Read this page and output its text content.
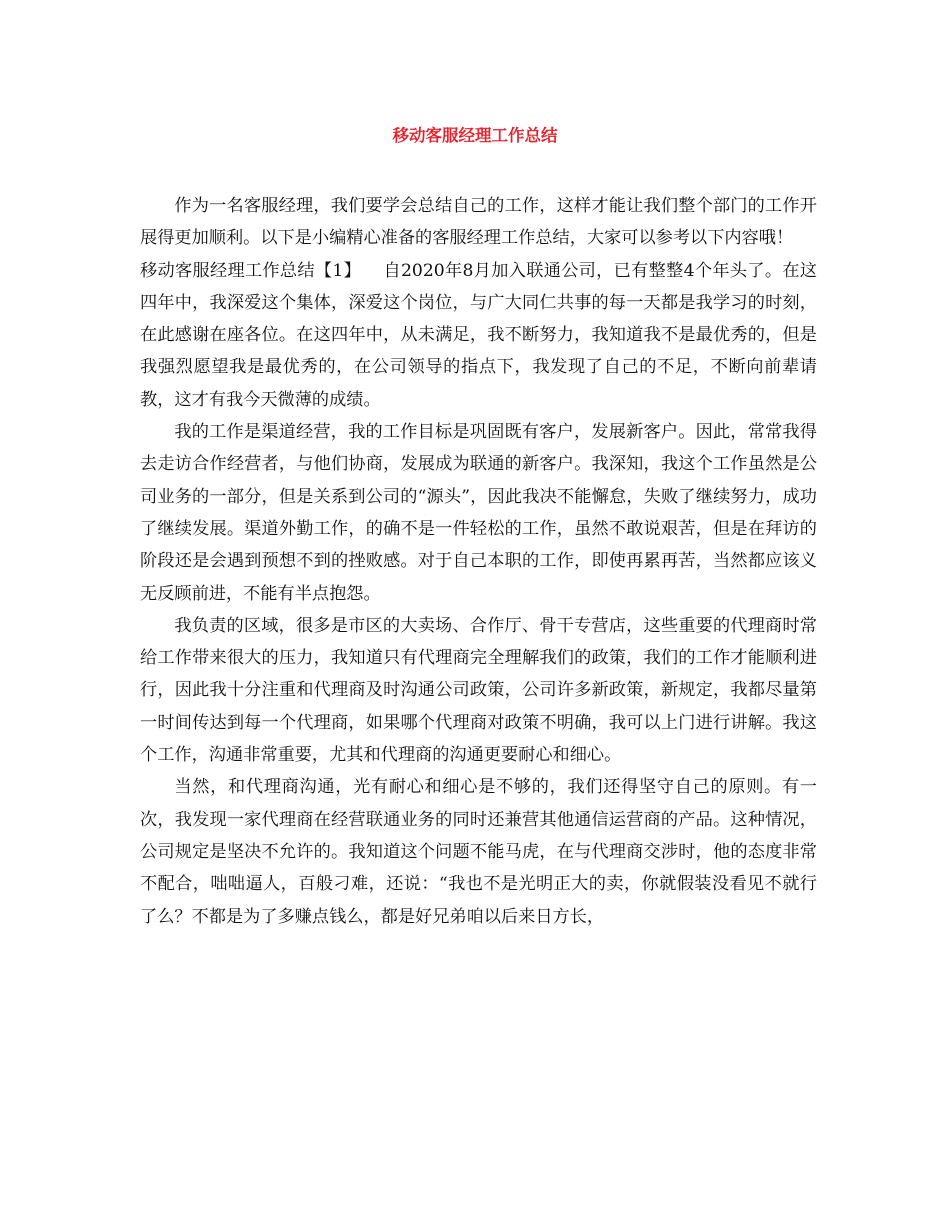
移动客服经理工作总结

作为一名客服经理，我们要学会总结自己的工作，这样才能让我们整个部门的工作开展得更加顺利。以下是小编精心准备的客服经理工作总结，大家可以参考以下内容哦！

移动客服经理工作总结【1】 自2020年8月加入联通公司，已有整整4个年头了。在这四年中，我深爱这个集体，深爱这个岗位，与广大同仁共事的每一天都是我学习的时刻，在此感谢在座各位。在这四年中，从未满足，我不断努力，我知道我不是最优秀的，但是我强烈愿望我是最优秀的，在公司领导的指点下，我发现了自己的不足，不断向前辈请教，这才有我今天微薄的成绩。

我的工作是渠道经营，我的工作目标是巩固既有客户，发展新客户。因此，常常我得去走访合作经营者，与他们协商，发展成为联通的新客户。我深知，我这个工作虽然是公司业务的一部分，但是关系到公司的“源头”，因此我决不能懈怠，失败了继续努力，成功了继续发展。渠道外勤工作，的确不是一件轻松的工作，虽然不敢说艰苦，但是在拜访的阶段还是会遇到预想不到的挫败感。对于自己本职的工作，即使再累再苦，当然都应该义无反顾前进，不能有半点抱怨。

我负责的区域，很多是市区的大卖场、合作厅、骨干专营店，这些重要的代理商时常给工作带来很大的压力，我知道只有代理商完全理解我们的政策，我们的工作才能顺利进行，因此我十分注重和代理商及时沟通公司政策，公司许多新政策，新规定，我都尽量第一时间传达到每一个代理商，如果哪个代理商对政策不明确，我可以上门进行讲解。我这个工作，沟通非常重要，尤其和代理商的沟通更要耐心和细心。

当然，和代理商沟通，光有耐心和细心是不够的，我们还得坚守自己的原则。有一次，我发现一家代理商在经营联通业务的同时还兼营其他通信运营商的产品。这种情况，公司规定是坚决不允许的。我知道这个问题不能马虎，在与代理商交涉时，他的态度非常不配合，咄咄逼人，百般刁难，还说：“我也不是光明正大的卖，你就假装没看见不就行了么？不都是为了多赚点钱么，都是好兄弟咱以后来日方长，
